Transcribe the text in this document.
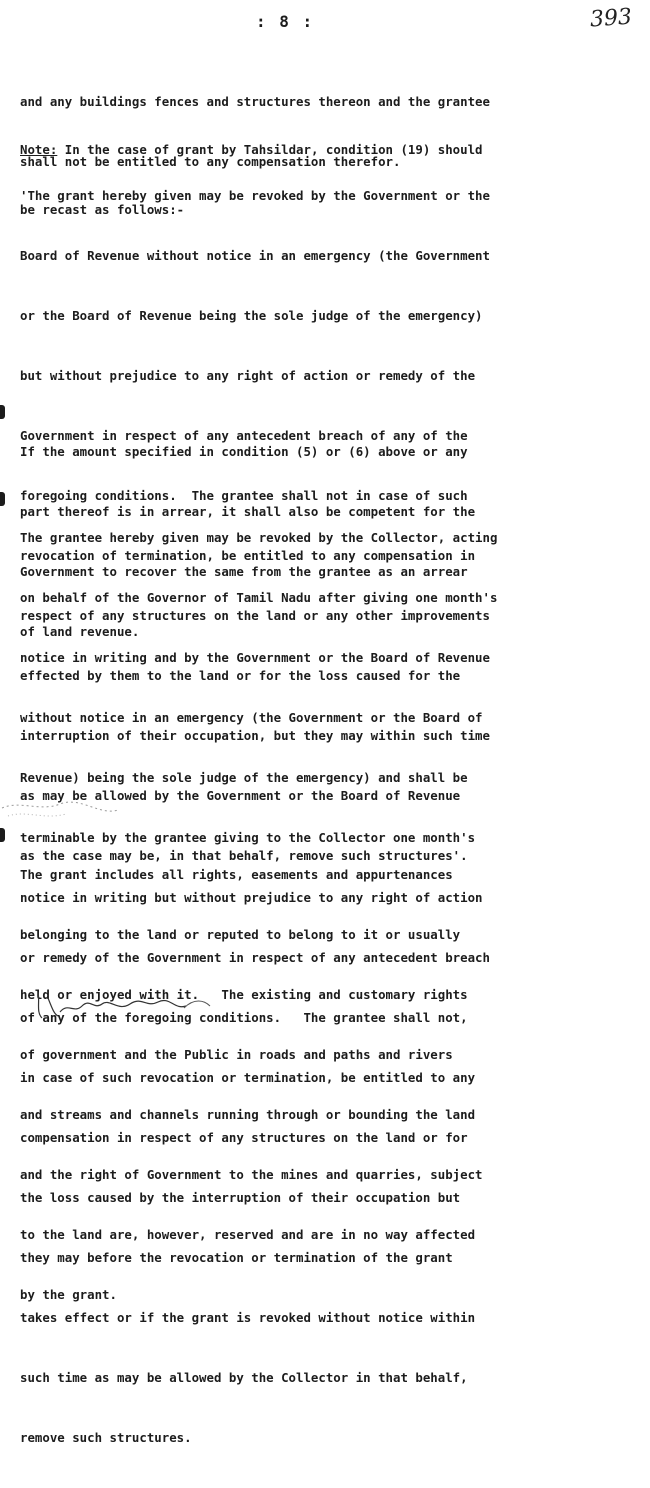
: 8 :	393

and any buildings fences and structures thereon and the grantee

shall not be entitled to any compensation therefor.

Note: In the case of grant by Tahsildar, condition (19) should

be recast as follows:-

'The grant hereby given may be revoked by the Government or the

Board of Revenue without notice in an emergency (the Government

or the Board of Revenue being the sole judge of the emergency)

but without prejudice to any right of action or remedy of the

Government in respect of any antecedent breach of any of the

foregoing conditions.  The grantee shall not in case of such

revocation of termination, be entitled to any compensation in

respect of any structures on the land or any other improvements

effected by them to the land or for the loss caused for the

interruption of their occupation, but they may within such time

as may be allowed by the Government or the Board of Revenue

as the case may be, in that behalf, remove such structures'.

If the amount specified in condition (5) or (6) above or any

part thereof is in arrear, it shall also be competent for the

Government to recover the same from the grantee as an arrear

of land revenue.

The grantee hereby given may be revoked by the Collector, acting

on behalf of the Governor of Tamil Nadu after giving one month's

notice in writing and by the Government or the Board of Revenue

without notice in an emergency (the Government or the Board of

Revenue) being the sole judge of the emergency) and shall be

terminable by the grantee giving to the Collector one month's

notice in writing but without prejudice to any right of action

or remedy of the Government in respect of any antecedent breach

of any of the foregoing conditions.   The grantee shall not,

in case of such revocation or termination, be entitled to any

compensation in respect of any structures on the land or for

the loss caused by the interruption of their occupation but

they may before the revocation or termination of the grant

takes effect or if the grant is revoked without notice within

such time as may be allowed by the Collector in that behalf,

remove such structures.

The grant includes all rights, easements and appurtenances

belonging to the land or reputed to belong to it or usually

held or enjoyed with it.   The existing and customary rights

of government and the Public in roads and paths and rivers

and streams and channels running through or bounding the land

and the right of Government to the mines and quarries, subject

to the land are, however, reserved and are in no way affected

by the grant.
